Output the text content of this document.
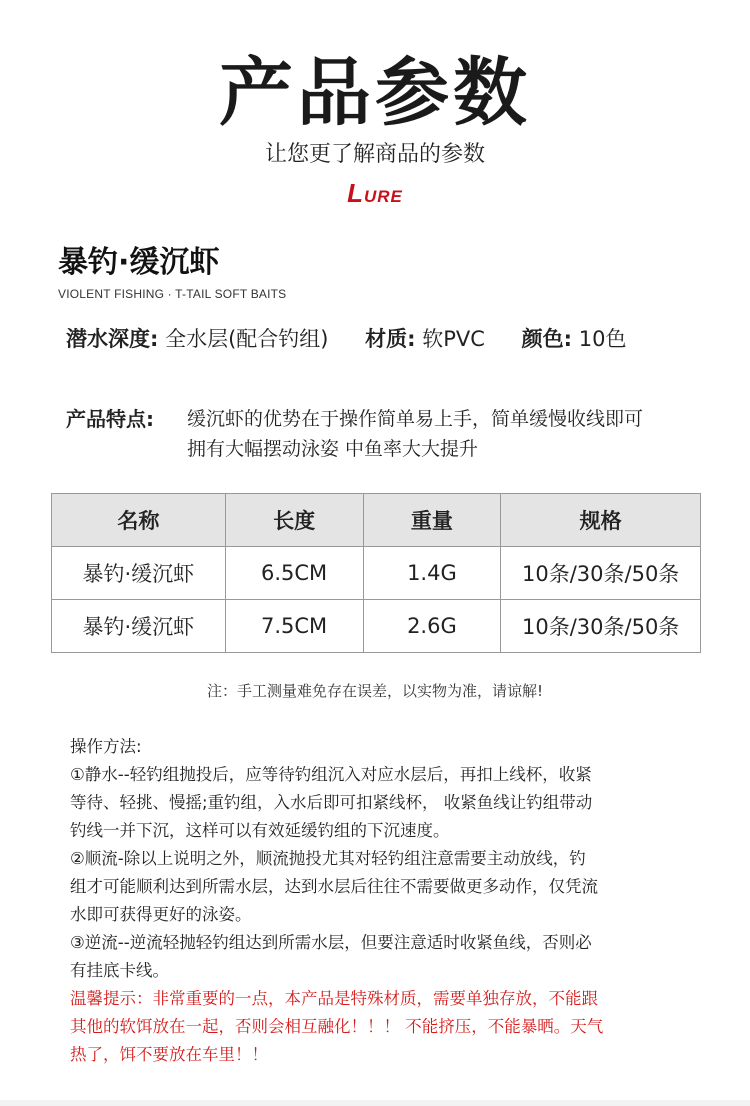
产品参数
让您更了解商品的参数
LURE
暴钓·缓沉虾
VIOLENT FISHING · T-TAIL SOFT BAITS
潜水深度: 全水层(配合钓组) 材质: 软PVC 颜色: 10色
产品特点: 缓沉虾的优势在于操作简单易上手，简单缓慢收线即可
拥有大幅摆动泳姿 中鱼率大大提升
名称	长度	重量	规格
暴钓·缓沉虾	6.5CM	1.4G	10条/30条/50条
暴钓·缓沉虾	7.5CM	2.6G	10条/30条/50条
注：手工测量难免存在误差，以实物为准，请谅解!
操作方法:
①静水--轻钓组抛投后，应等待钓组沉入对应水层后，再扣上线杯，收紧
等待、轻挑、慢摇;重钓组，入水后即可扣紧线杯， 收紧鱼线让钓组带动
钓线一并下沉，这样可以有效延缓钓组的下沉速度。
②顺流-除以上说明之外，顺流抛投尤其对轻钓组注意需要主动放线，钓
组才可能顺利达到所需水层，达到水层后往往不需要做更多动作，仅凭流
水即可获得更好的泳姿。
③逆流--逆流轻抛轻钓组达到所需水层，但要注意适时收紧鱼线，否则必
有挂底卡线。
温馨提示：非常重要的一点，本产品是特殊材质，需要单独存放，不能跟
其他的软饵放在一起，否则会相互融化！！！ 不能挤压，不能暴晒。天气
热了，饵不要放在车里！！
